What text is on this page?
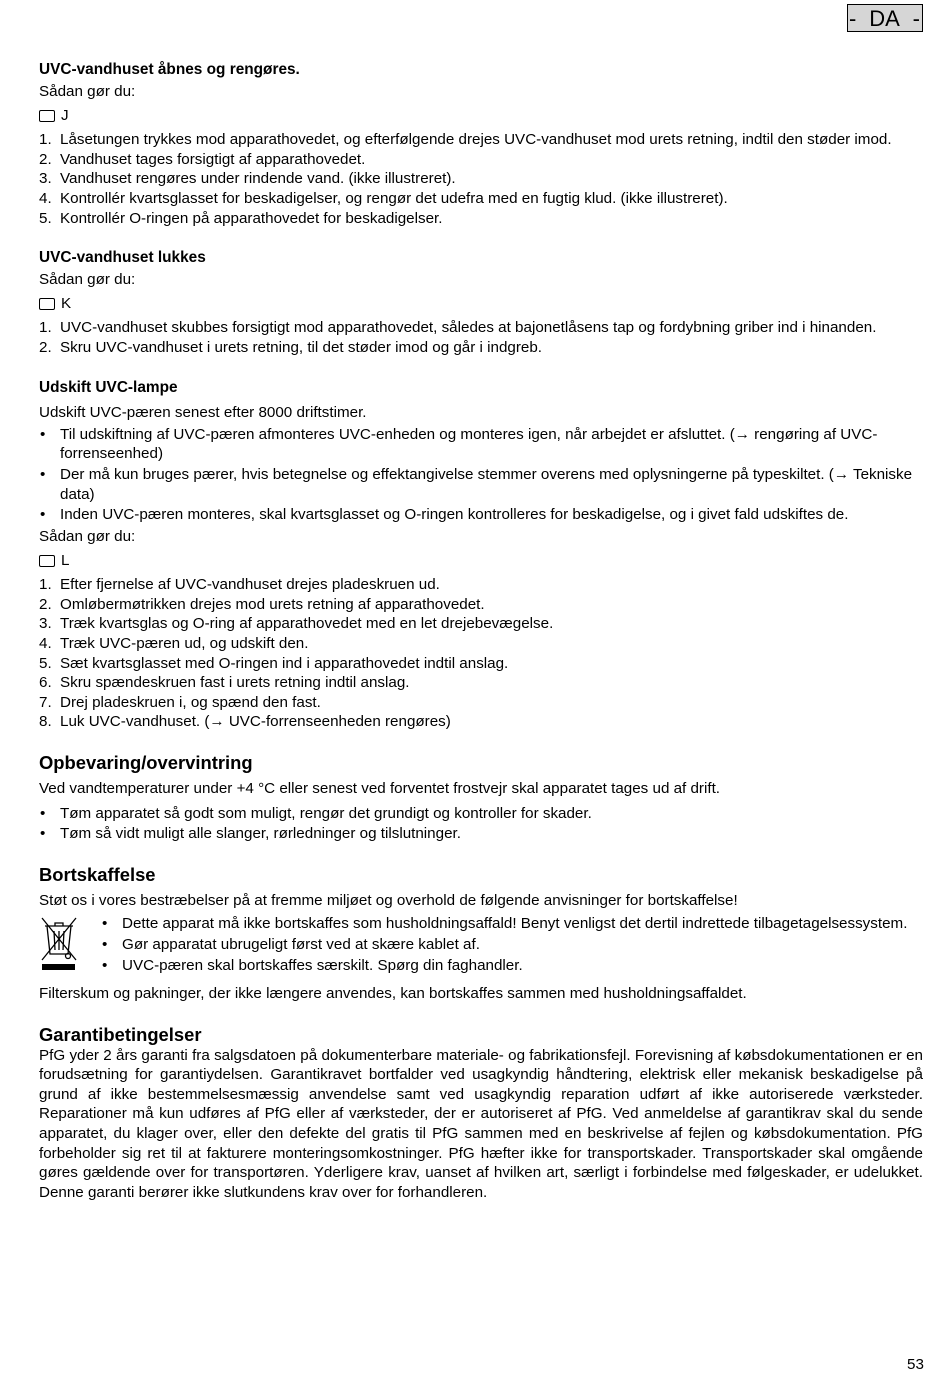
- DA -

UVC-vandhuset åbnes og rengøres.

Sådan gør du:

J
1. Låsetungen trykkes mod apparathovedet, og efterfølgende drejes UVC-vandhuset mod urets retning, indtil den støder imod.
2. Vandhuset tages forsigtigt af apparathovedet.
3. Vandhuset rengøres under rindende vand. (ikke illustreret).
4. Kontrollér kvartsglasset for beskadigelser, og rengør det udefra med en fugtig klud. (ikke illustreret).
5. Kontrollér O-ringen på apparathovedet for beskadigelser.

UVC-vandhuset lukkes

Sådan gør du:

K
1. UVC-vandhuset skubbes forsigtigt mod apparathovedet, således at bajonetlåsens tap og fordybning griber ind i hinanden.
2. Skru UVC-vandhuset i urets retning, til det støder imod og går i indgreb.

Udskift UVC-lampe

Udskift UVC-pæren senest efter 8000 driftstimer.

• Til udskiftning af UVC-pæren afmonteres UVC-enheden og monteres igen, når arbejdet er afsluttet. (→ rengøring af UVC-forrenseenhed)
• Der må kun bruges pærer, hvis betegnelse og effektangivelse stemmer overens med oplysningerne på typeskiltet. (→ Tekniske data)
• Inden UVC-pæren monteres, skal kvartsglasset og O-ringen kontrolleres for beskadigelse, og i givet fald udskiftes de.

Sådan gør du:

L
1. Efter fjernelse af UVC-vandhuset drejes pladeskruen ud.
2. Omløbermøtrikken drejes mod urets retning af apparathovedet.
3. Træk kvartsglas og O-ring af apparathovedet med en let drejebevægelse.
4. Træk UVC-pæren ud, og udskift den.
5. Sæt kvartsglasset med O-ringen ind i apparathovedet indtil anslag.
6. Skru spændeskruen fast i urets retning indtil anslag.
7. Drej pladeskruen i, og spænd den fast.
8. Luk UVC-vandhuset. (→ UVC-forrenseenheden rengøres)

Opbevaring/overvintring

Ved vandtemperaturer under +4 °C eller senest ved forventet frostvejr skal apparatet tages ud af drift.

• Tøm apparatet så godt som muligt, rengør det grundigt og kontroller for skader.
• Tøm så vidt muligt alle slanger, rørledninger og tilslutninger.

Bortskaffelse

Støt os i vores bestræbelser på at fremme miljøet og overhold de følgende anvisninger for bortskaffelse!

• Dette apparat må ikke bortskaffes som husholdningsaffald! Benyt venligst det dertil indrettede tilbagetagelsessystem.
• Gør apparatat ubrugeligt først ved at skære kablet af.
• UVC-pæren skal bortskaffes særskilt. Spørg din faghandler.

Filterskum og pakninger, der ikke længere anvendes, kan bortskaffes sammen med husholdningsaffaldet.

Garantibetingelser

PfG yder 2 års garanti fra salgsdatoen på dokumenterbare materiale- og fabrikationsfejl. Forevisning af købsdokumentationen er en forudsætning for garantiydelsen. Garantikravet bortfalder ved usagkyndig håndtering, elektrisk eller mekanisk beskadigelse på grund af ikke bestemmelsesmæssig anvendelse samt ved usagkyndig reparation udført af ikke autoriserede værksteder. Reparationer må kun udføres af PfG eller af værksteder, der er autoriseret af PfG. Ved anmeldelse af garantikrav skal du sende apparatet, du klager over, eller den defekte del gratis til PfG sammen med en beskrivelse af fejlen og købsdokumentation. PfG forbeholder sig ret til at fakturere monteringsomkostninger. PfG hæfter ikke for transportskader. Transportskader skal omgående gøres gældende over for transportøren. Yderligere krav, uanset af hvilken art, særligt i forbindelse med følgeskader, er udelukket. Denne garanti berører ikke slutkundens krav over for forhandleren.

53
